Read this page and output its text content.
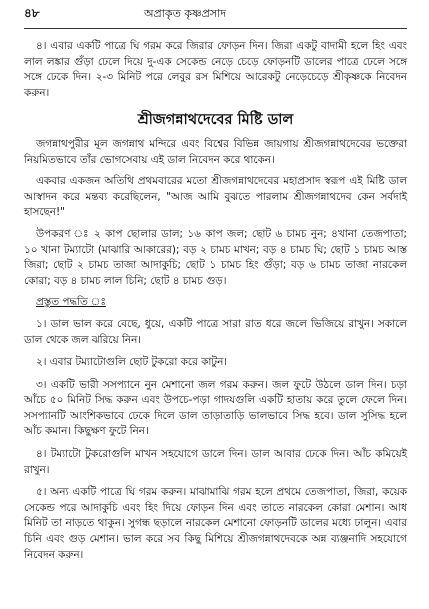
৪৮	অপ্রাকৃত কৃষ্ণপ্রসাদ

৪। এবার একটি পাত্রে ঘি গরম করে জিরার ফোড়ন দিন। জিরা একটু বাদামী হলে হিং এবং লাল লঙ্কার গুঁড়া ঢেলে দিয়ে দু-এক সেকেন্ড নেড়ে চেড়ে ফোড়নটি ডালের পাত্রে ঢেলে সঙ্গে সঙ্গে ঢেকে দিন। ২-৩ মিনিট পরে লেবুর রস মিশিয়ে আরেকটু নেড়েচেড়ে শ্রীকৃষ্ণকে নিবেদন করুন।

শ্রীজগন্নাথদেবের মিষ্টি ডাল

জগন্নাথপুরীর মূল জগন্নাথ মন্দিরে এবং বিশ্বের বিভিন্ন জায়গায় শ্রীজগন্নাথদেবের ভক্তেরা নিয়মিতভাবে তাঁর ভোগসেবায় এই ডাল নিবেদন করে থাকেন।

একবার একজন অতিথি প্রথমবারের মতো শ্রীজগন্নাথদেবের মহাপ্রসাদ স্বরূপ এই মিষ্টি ডাল আস্বাদন করে মন্তব্য করেছিলেন, "আজ আমি বুঝতে পারলাম শ্রীজগন্নাথদেব কেন সর্বদাই হাসছেন!"

উপকরণ ঃ ২ কাপ ছোলার ডাল; ১৬ কাপ জল; ছোট ৬ চামচ নুন; ৪খানা তেজপাতা; ১০ খানা টম্যাটো (মাঝারি আকারের); বড় ২ চামচ মাখন; বড় ৪ চামচ ঘি; ছোট ১ চামচ আস্ত জিরা; ছোট ২ চামচ তাজা আদাকুচি; ছোট ১ চামচ হিং গুঁড়া; বড় ৬ চামচ তাজা নারকেল কোরা; বড় ৪ চামচ লাল চিনি; ছোট ৪ চামচ গুড়।

প্রস্তুত পদ্ধতি ঃ

১। ডাল ভাল করে বেছে, ধুয়ে, একটি পাত্রে সারা রাত ধরে জলে ভিজিয়ে রাখুন। সকালে ডাল থেকে জল ঝরিয়ে নিন।

২। এবার টম্যাটোগুলি ছোট টুকরো করে কাটুন।

৩। একটি ভারী সসপ্যানে নুন মেশানো জল গরম করুন। জল ফুটে উঠলে ডাল দিন। চড়া আঁচে ৫০ মিনিট সিদ্ধ করুন এবং উপচে-পড়া গাদযগুলি একটি হাতায় করে তুলে ফেলে দিন। সসপ্যানটি আংশিকভাবে ঢেকে দিলে ডাল তাড়াতাড়ি ভালভাবে সিদ্ধ হবে। ডাল সুসিদ্ধ হলে আঁচ কমান। কিছুক্ষণ ফুটে নিন।

৪। টম্যাটো টুকরোগুলি মাখন সহযোগে ডালে দিন। ডাল আবার ঢেকে দিন। আঁচ কমিয়েই রাখুন।

৫। অন্য একটি পাত্রে ঘি গরম করুন। মাঝামাঝি গরম হলে প্রথমে তেজপাতা, জিরা, কয়েক সেকেন্ড পরে আদাকুচি এবং হিং দিয়ে ফোড়ন দিন এবং তাতে নারকেল কোরা মেশান। আধ মিনিট তা নাড়তে থাকুন। সুগন্ধ ছড়ালে নারকেল মেশানো ফোড়নটি ডালের মধ্যে ঢালুন। এবার চিনি এবং গুড় মেশান। ভাল করে সব কিছু মিশিয়ে শ্রীজগন্নাথদেবকে অন্ন ব্যঞ্জনাদি সহযোগে নিবেদন করুন।
